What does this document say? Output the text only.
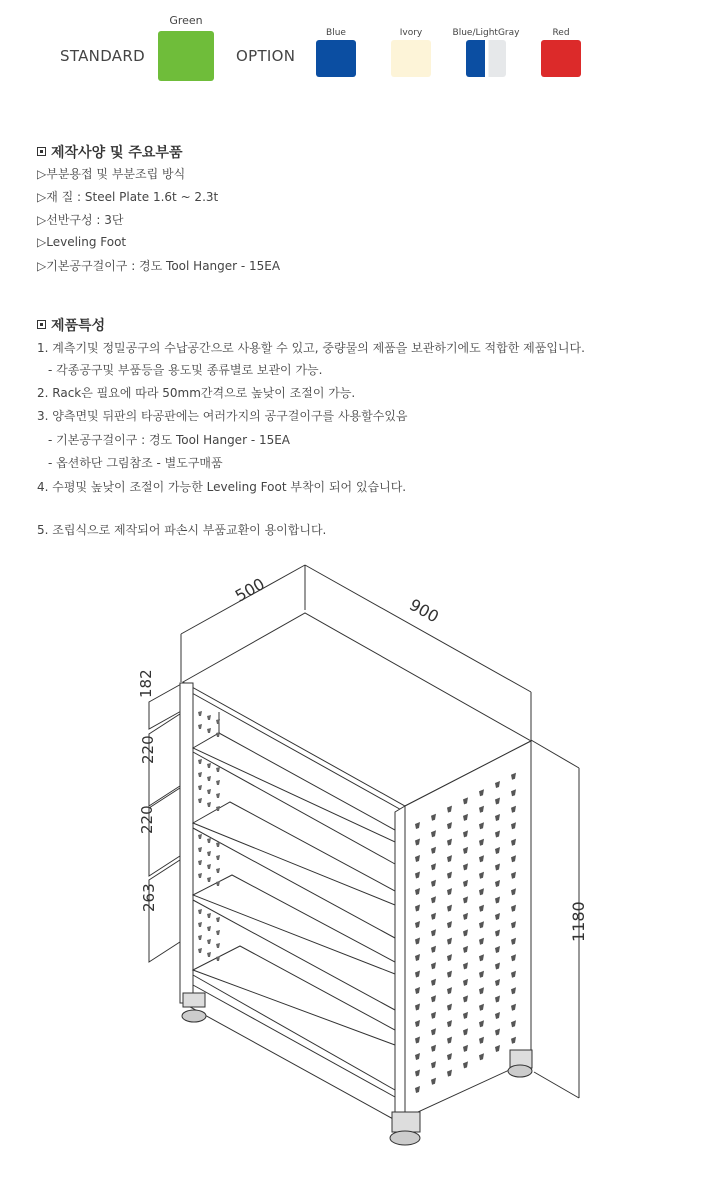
STANDARD
Green
OPTION
Blue	Ivory	Blue/LightGray	Red
제작사양 및 주요부품
▷부분용접 및 부분조립 방식
▷재 질 : Steel Plate 1.6t ~ 2.3t
▷선반구성 : 3단
▷Leveling Foot
▷기본공구걸이구 : 경도 Tool Hanger - 15EA
제품특성
1. 계측기및 정밀공구의 수납공간으로 사용할 수 있고, 중량물의 제품을 보관하기에도 적합한 제품입니다.
- 각종공구및 부품등을 용도및 종류별로 보관이 가능.
2. Rack은 필요에 따라 50mm간격으로 높낮이 조절이 가능.
3. 양측면및 뒤판의 타공판에는 여러가지의 공구걸이구를 사용할수있음
- 기본공구걸이구 : 경도 Tool Hanger - 15EA
- 옵션하단 그림참조 - 별도구매품
4. 수평및 높낮이 조절이 가능한 Leveling Foot 부착이 되어 있습니다.
5. 조립식으로 제작되어 파손시 부품교환이 용이합니다.
500
900
1180
182
220
220
263
